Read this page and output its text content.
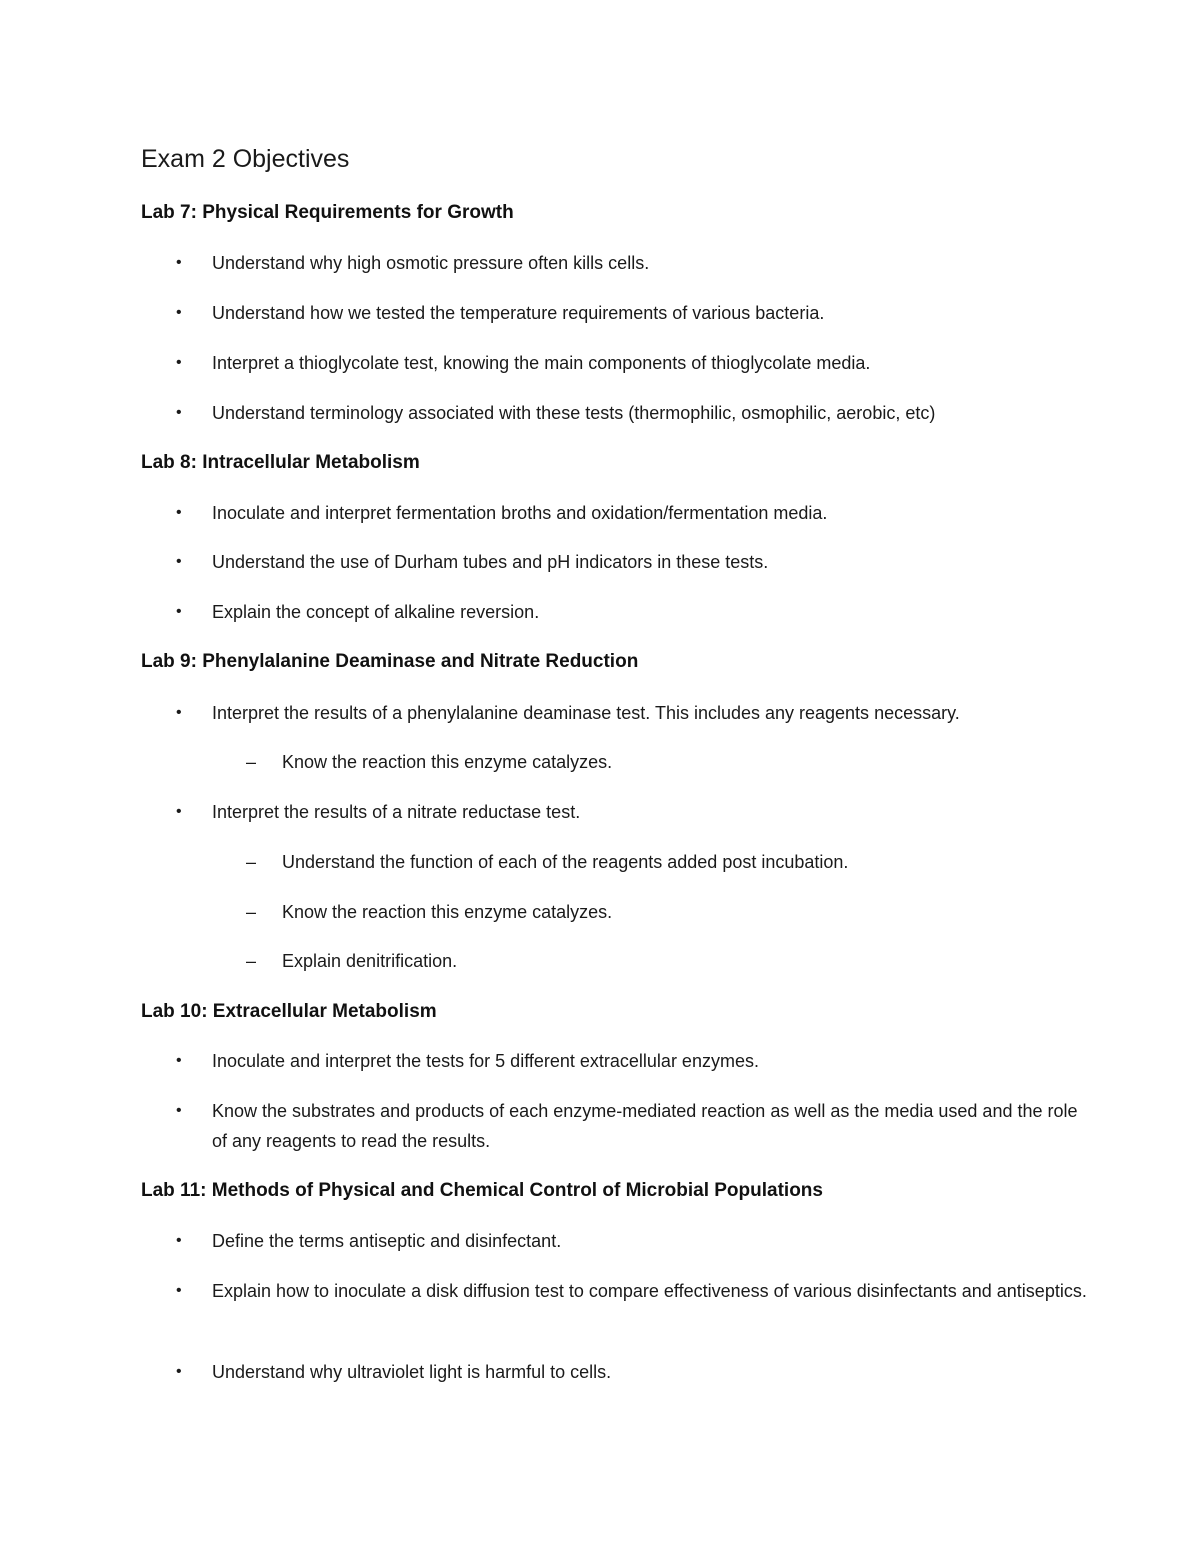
Exam 2 Objectives
Lab 7: Physical Requirements for Growth
•	Understand why high osmotic pressure often kills cells.
•	Understand how we tested the temperature requirements of various bacteria.
•	Interpret a thioglycolate test, knowing the main components of thioglycolate media.
•	Understand terminology associated with these tests (thermophilic, osmophilic, aerobic, etc)
Lab 8: Intracellular Metabolism
•	Inoculate and interpret fermentation broths and oxidation/fermentation media.
•	Understand the use of Durham tubes and pH indicators in these tests.
•	Explain the concept of alkaline reversion.
Lab 9: Phenylalanine Deaminase and Nitrate Reduction
•	Interpret the results of a phenylalanine deaminase test. This includes any reagents necessary.
–	Know the reaction this enzyme catalyzes.
•	Interpret the results of a nitrate reductase test.
–	Understand the function of each of the reagents added post incubation.
–	Know the reaction this enzyme catalyzes.
–	Explain denitrification.
Lab 10: Extracellular Metabolism
•	Inoculate and interpret the tests for 5 different extracellular enzymes.
•	Know the substrates and products of each enzyme-mediated reaction as well as the media used and the role of any reagents to read the results.
Lab 11: Methods of Physical and Chemical Control of Microbial Populations
•	Define the terms antiseptic and disinfectant.
•	Explain how to inoculate a disk diffusion test to compare effectiveness of various disinfectants and antiseptics.
•	Understand why ultraviolet light is harmful to cells.
